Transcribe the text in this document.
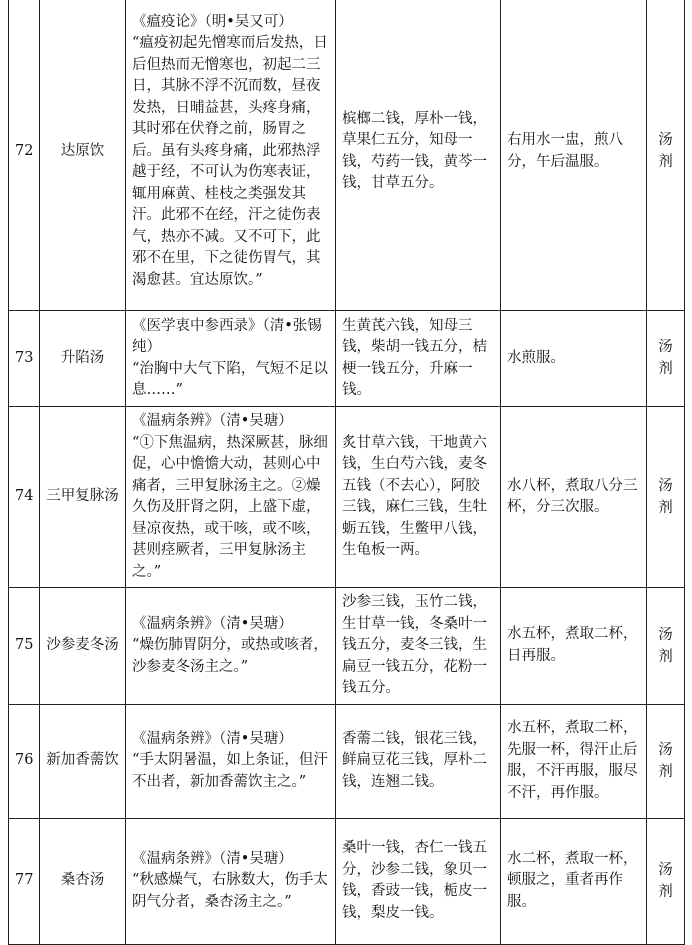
72	达原饮	《瘟疫论》（明•吴又可）
“瘟疫初起先憎寒而后发热，日后但热而无憎寒也，初起二三日，其脉不浮不沉而数，昼夜发热，日晡益甚，头疼身痛，其时邪在伏脊之前，肠胃之后。虽有头疼身痛，此邪热浮越于经，不可认为伤寒表证，辄用麻黄、桂枝之类强发其汗。此邪不在经，汗之徒伤表气，热亦不减。又不可下，此邪不在里，下之徒伤胃气，其渴愈甚。宜达原饮。”	槟榔二钱，厚朴一钱，草果仁五分，知母一钱，芍药一钱，黄芩一钱，甘草五分。	右用水一盅，煎八分，午后温服。	汤剂
73	升陷汤	《医学衷中参西录》（清•张锡纯）
“治胸中大气下陷，气短不足以息……”	生黄芪六钱，知母三钱，柴胡一钱五分，桔梗一钱五分，升麻一钱。	水煎服。	汤剂
74	三甲复脉汤	《温病条辨》（清•吴瑭）
“①下焦温病，热深厥甚，脉细促，心中憺憺大动，甚则心中痛者，三甲复脉汤主之。②燥久伤及肝肾之阴，上盛下虚，昼凉夜热，或干咳，或不咳，甚则痉厥者，三甲复脉汤主之。”	炙甘草六钱，干地黄六钱，生白芍六钱，麦冬五钱（不去心），阿胶三钱，麻仁三钱，生牡蛎五钱，生鳖甲八钱，生龟板一两。	水八杯，煮取八分三杯，分三次服。	汤剂
75	沙参麦冬汤	《温病条辨》（清•吴瑭）
“燥伤肺胃阴分，或热或咳者，沙参麦冬汤主之。”	沙参三钱，玉竹二钱，生甘草一钱，冬桑叶一钱五分，麦冬三钱，生扁豆一钱五分，花粉一钱五分。	水五杯，煮取二杯，日再服。	汤剂
76	新加香薷饮	《温病条辨》（清•吴瑭）
“手太阴暑温，如上条证，但汗不出者，新加香薷饮主之。”	香薷二钱，银花三钱，鲜扁豆花三钱，厚朴二钱，连翘二钱。	水五杯，煮取二杯，先服一杯，得汗止后服，不汗再服，服尽不汗，再作服。	汤剂
77	桑杏汤	《温病条辨》（清•吴瑭）
“秋感燥气，右脉数大，伤手太阴气分者，桑杏汤主之。”	桑叶一钱，杏仁一钱五分，沙参二钱，象贝一钱，香豉一钱，栀皮一钱，梨皮一钱。	水二杯，煮取一杯，顿服之，重者再作服。	汤剂
